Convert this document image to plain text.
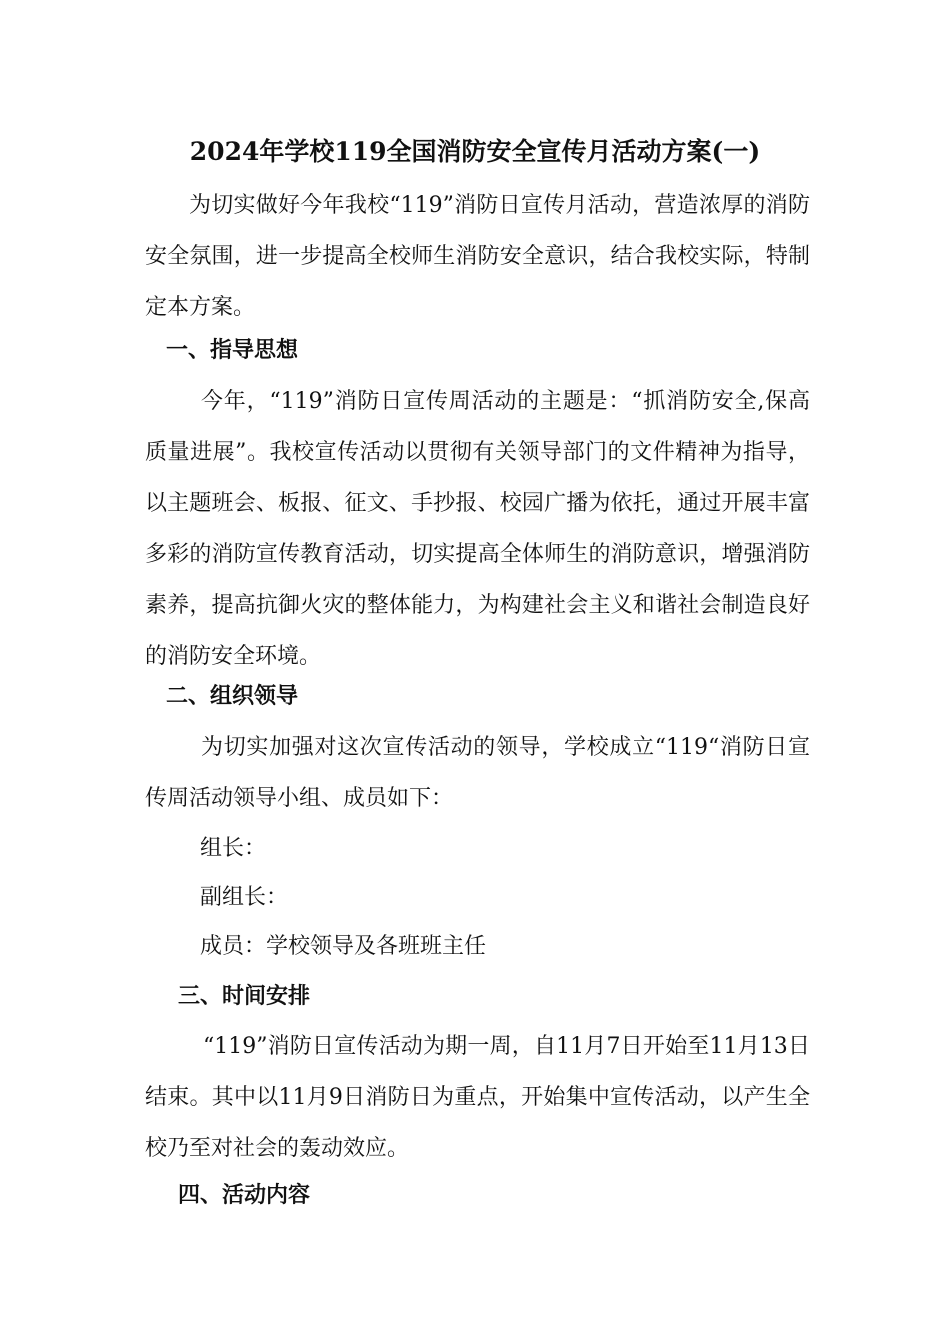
2024年学校119全国消防安全宣传月活动方案(一)

为切实做好今年我校“119”消防日宣传月活动，营造浓厚的消防安全氛围，进一步提高全校师生消防安全意识，结合我校实际，特制定本方案。

一、指导思想

今年，“119”消防日宣传周活动的主题是：“抓消防安全,保高质量进展”。我校宣传活动以贯彻有关领导部门的文件精神为指导，以主题班会、板报、征文、手抄报、校园广播为依托，通过开展丰富多彩的消防宣传教育活动，切实提高全体师生的消防意识，增强消防素养，提高抗御火灾的整体能力，为构建社会主义和谐社会制造良好的消防安全环境。

二、组织领导

为切实加强对这次宣传活动的领导，学校成立“119“消防日宣传周活动领导小组、成员如下：

组长：

副组长：

成员：学校领导及各班班主任

三、时间安排

“119”消防日宣传活动为期一周，自11月7日开始至11月13日结束。其中以11月9日消防日为重点，开始集中宣传活动，以产生全校乃至对社会的轰动效应。

四、活动内容
